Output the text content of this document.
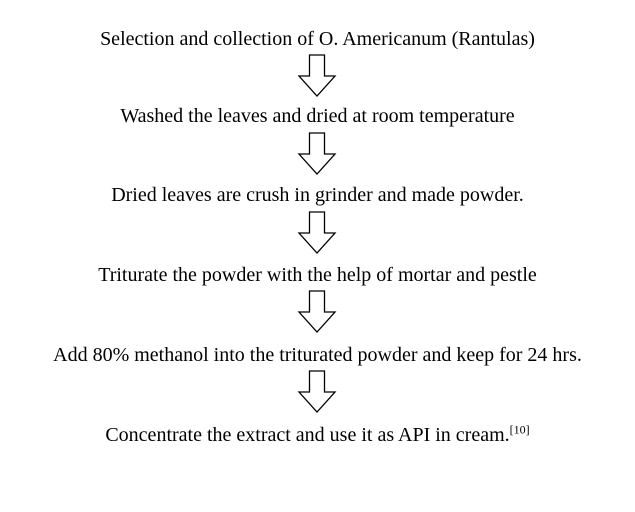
Selection and collection of O. Americanum (Rantulas)
Washed the leaves and dried at room temperature
Dried leaves are crush in grinder and made powder.
Triturate the powder with the help of mortar and pestle
Add 80% methanol into the triturated powder and keep for 24 hrs.
Concentrate the extract and use it as API in cream.[10]
